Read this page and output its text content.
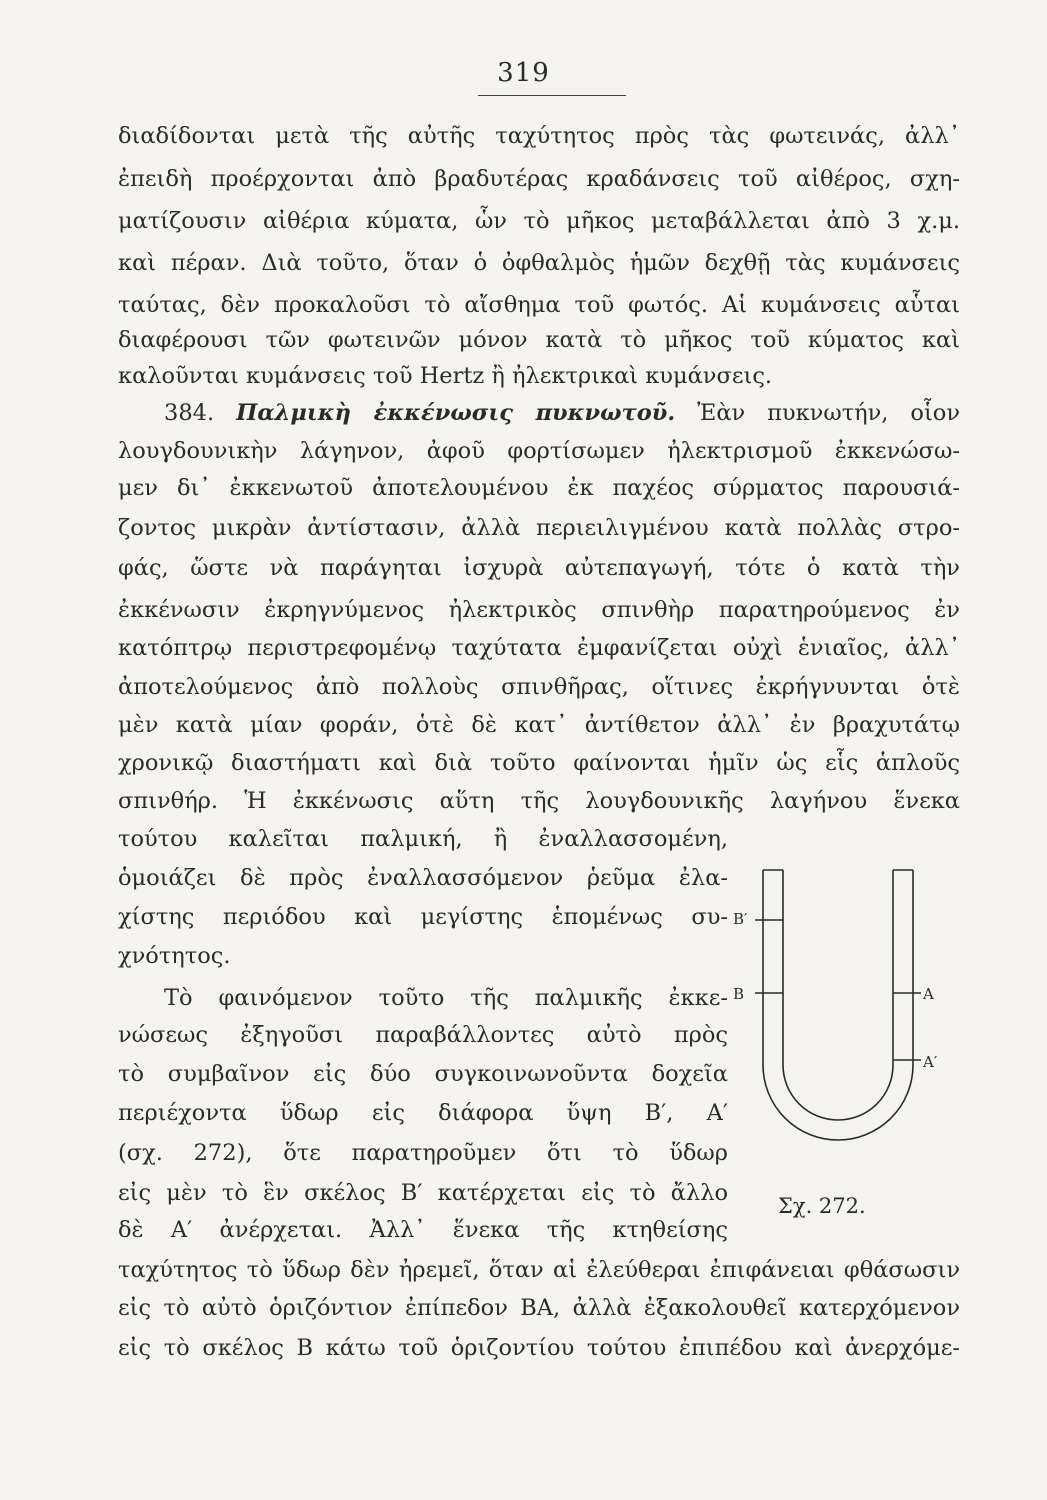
319
διαδίδονται μετὰ τῆς αὐτῆς ταχύτητος πρὸς τὰς φωτεινάς, ἀλλ᾽
ἐπειδὴ προέρχονται ἀπὸ βραδυτέρας κραδάνσεις τοῦ αἰθέρος, σχη-
ματίζουσιν αἰθέρια κύματα, ὧν τὸ μῆκος μεταβάλλεται ἀπὸ 3 χ.μ.
καὶ πέραν. Διὰ τοῦτο, ὅταν ὁ ὀφθαλμὸς ἡμῶν δεχθῇ τὰς κυμάνσεις
ταύτας, δὲν προκαλοῦσι τὸ αἴσθημα τοῦ φωτός. Αἱ κυμάνσεις αὗται
διαφέρουσι τῶν φωτεινῶν μόνον κατὰ τὸ μῆκος τοῦ κύματος καὶ
καλοῦνται κυμάνσεις τοῦ Hertz ἢ ἠλεκτρικαὶ κυμάνσεις.
384. Παλμικὴ ἐκκένωσις πυκνωτοῦ. Ἐὰν πυκνωτήν, οἷον
λουγδουνικὴν λάγηνον, ἀφοῦ φορτίσωμεν ἠλεκτρισμοῦ ἐκκενώσω-
μεν δι᾽ ἐκκενωτοῦ ἀποτελουμένου ἐκ παχέος σύρματος παρουσιά-
ζοντος μικρὰν ἀντίστασιν, ἀλλὰ περιειλιγμένου κατὰ πολλὰς στρο-
φάς, ὥστε νὰ παράγηται ἰσχυρὰ αὐτεπαγωγή, τότε ὁ κατὰ τὴν
ἐκκένωσιν ἐκρηγνύμενος ἠλεκτρικὸς σπινθὴρ παρατηρούμενος ἐν
κατόπτρῳ περιστρεφομένῳ ταχύτατα ἐμφανίζεται οὐχὶ ἑνιαῖος, ἀλλ᾽
ἀποτελούμενος ἀπὸ πολλοὺς σπινθῆρας, οἵτινες ἐκρήγνυνται ὁτὲ
μὲν κατὰ μίαν φοράν, ὁτὲ δὲ κατ᾽ ἀντίθετον ἀλλ᾽ ἐν βραχυτάτῳ
χρονικῷ διαστήματι καὶ διὰ τοῦτο φαίνονται ἡμῖν ὡς εἷς ἁπλοῦς
σπινθήρ. Ἡ ἐκκένωσις αὕτη τῆς λουγδουνικῆς λαγήνου ἕνεκα
τούτου καλεῖται παλμική, ἢ ἐναλλασσομένη,
ὁμοιάζει δὲ πρὸς ἐναλλασσόμενον ῥεῦμα ἐλα-
χίστης περιόδου καὶ μεγίστης ἑπομένως συ-
χνότητος.
Τὸ φαινόμενον τοῦτο τῆς παλμικῆς ἐκκε-
νώσεως ἐξηγοῦσι παραβάλλοντες αὐτὸ πρὸς
τὸ συμβαῖνον εἰς δύο συγκοινωνοῦντα δοχεῖα
περιέχοντα ὕδωρ εἰς διάφορα ὕψη Β′, Α′
(σχ. 272), ὅτε παρατηροῦμεν ὅτι τὸ ὕδωρ
εἰς μὲν τὸ ἓν σκέλος Β′ κατέρχεται εἰς τὸ ἄλλο
δὲ Α′ ἀνέρχεται. Ἀλλ᾽ ἕνεκα τῆς κτηθείσης
ταχύτητος τὸ ὕδωρ δὲν ἠρεμεῖ, ὅταν αἱ ἐλεύθεραι ἐπιφάνειαι φθάσωσιν
εἰς τὸ αὐτὸ ὁριζόντιον ἐπίπεδον ΒΑ, ἀλλὰ ἐξακολουθεῖ κατερχόμενον
εἰς τὸ σκέλος Β κάτω τοῦ ὁριζοντίου τούτου ἐπιπέδου καὶ ἀνερχόμε-
Β′
Β	Α
Α′
Σχ. 272.
